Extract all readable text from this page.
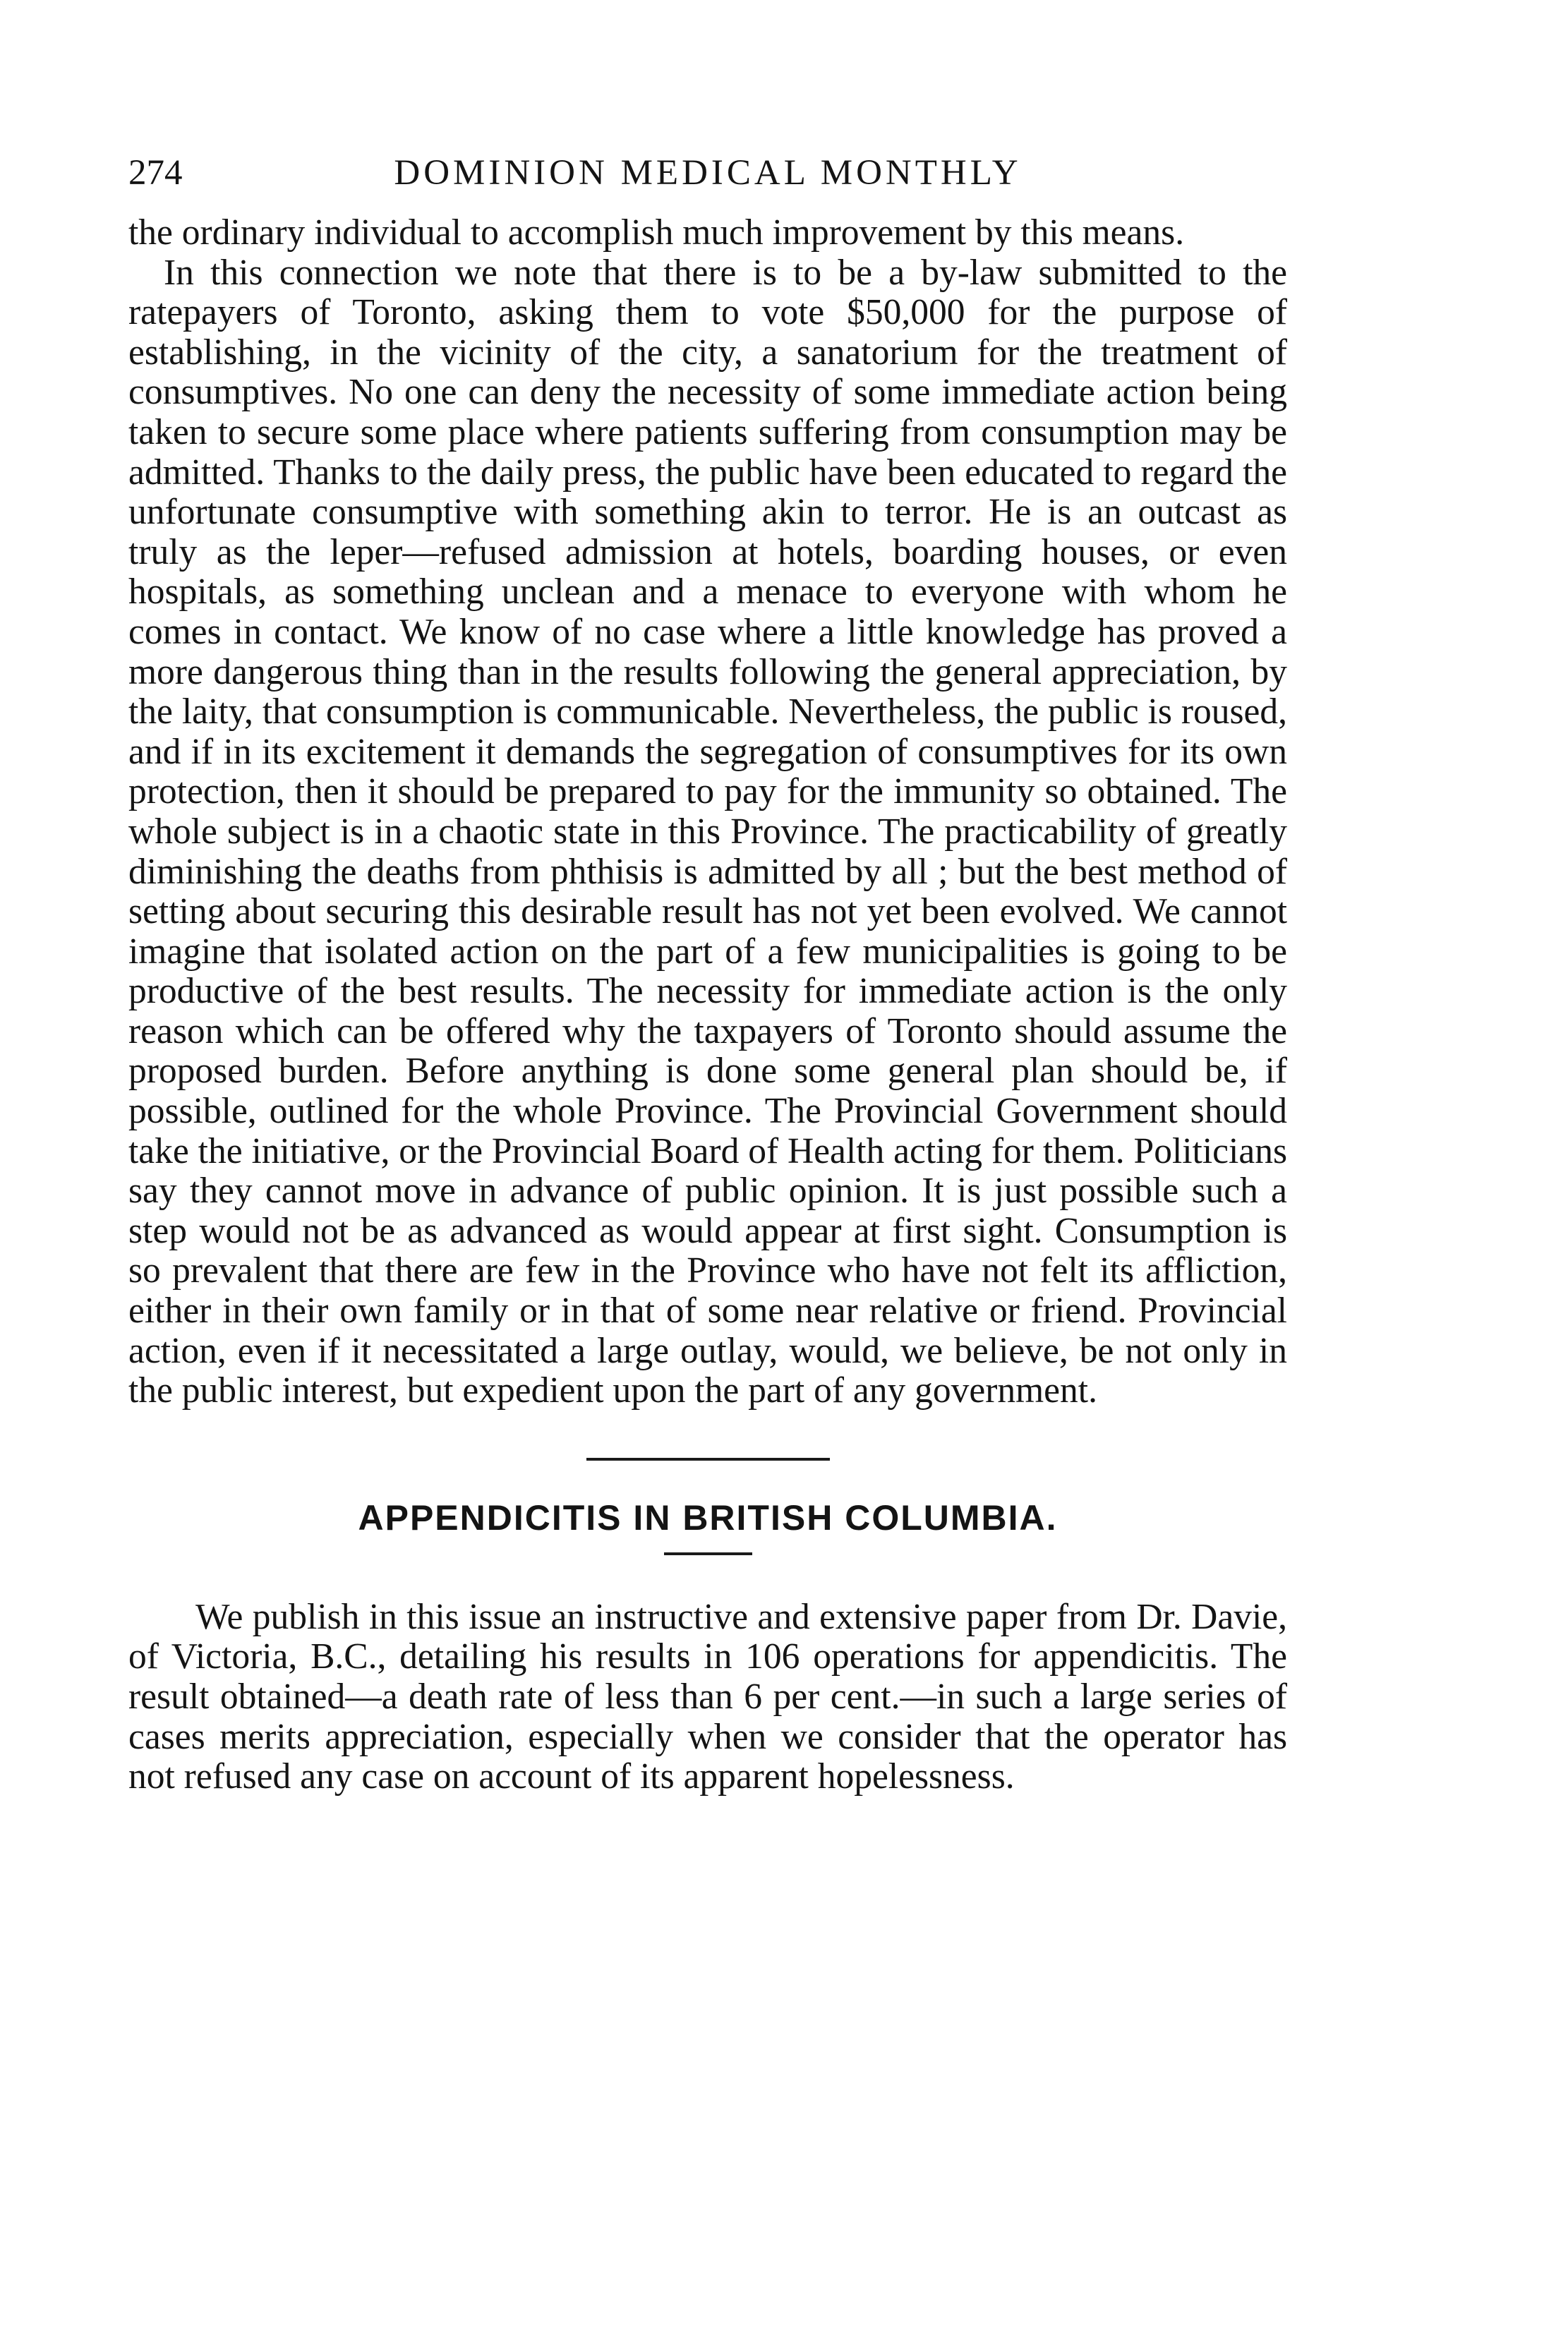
274	DOMINION MEDICAL MONTHLY

the ordinary individual to accomplish much improvement by this means.

In this connection we note that there is to be a by-law submitted to the ratepayers of Toronto, asking them to vote $50,000 for the purpose of establishing, in the vicinity of the city, a sanatorium for the treatment of consumptives. No one can deny the necessity of some immediate action being taken to secure some place where patients suffering from consumption may be admitted. Thanks to the daily press, the public have been educated to regard the unfortunate consumptive with something akin to terror. He is an outcast as truly as the leper—refused admission at hotels, boarding houses, or even hospitals, as something unclean and a menace to everyone with whom he comes in contact. We know of no case where a little knowledge has proved a more dangerous thing than in the results following the general appreciation, by the laity, that consumption is communicable. Nevertheless, the public is roused, and if in its excitement it demands the segregation of consumptives for its own protection, then it should be prepared to pay for the immunity so obtained. The whole subject is in a chaotic state in this Province. The practicability of greatly diminishing the deaths from phthisis is admitted by all ; but the best method of setting about securing this desirable result has not yet been evolved. We cannot imagine that isolated action on the part of a few municipalities is going to be productive of the best results. The necessity for immediate action is the only reason which can be offered why the taxpayers of Toronto should assume the proposed burden. Before anything is done some general plan should be, if possible, outlined for the whole Province. The Provincial Government should take the initiative, or the Provincial Board of Health acting for them. Politicians say they cannot move in advance of public opinion. It is just possible such a step would not be as advanced as would appear at first sight. Consumption is so prevalent that there are few in the Province who have not felt its affliction, either in their own family or in that of some near relative or friend. Provincial action, even if it necessitated a large outlay, would, we believe, be not only in the public interest, but expedient upon the part of any government.

APPENDICITIS IN BRITISH COLUMBIA.

We publish in this issue an instructive and extensive paper from Dr. Davie, of Victoria, B.C., detailing his results in 106 operations for appendicitis. The result obtained—a death rate of less than 6 per cent.—in such a large series of cases merits appreciation, especially when we consider that the operator has not refused any case on account of its apparent hopelessness.
